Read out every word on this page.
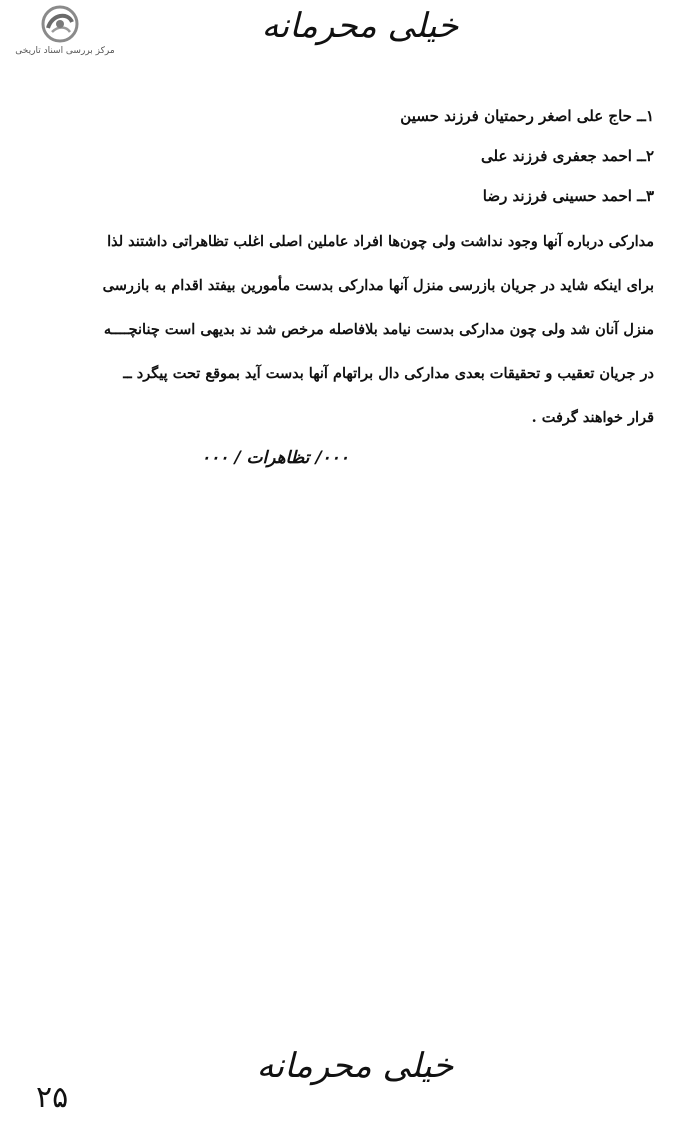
مرکز بررسی اسناد تاریخی
خیلی محرمانه
۱ــ حاج علی اصغر رحمتیان فرزند حسین
۲ــ احمد جعفری فرزند علی
۳ــ احمد حسینی فرزند رضا
مدارکی درباره آنها وجود نداشت ولی چون‌ها افراد عاملین اصلی اغلب تظاهراتی داشتند لذا
برای اینکه شاید در جریان بازرسی منزل آنها مدارکی بدست مأمورین بیفتد اقدام به بازرسی
منزل آنان شد ولی چون مدارکی بدست نیامد بلافاصله مرخص شد ند بدیهی است چنانچــــه
در جریان تعقیب و تحقیقات بعدی مدارکی دال براتهام آنها بدست آید بموقع تحت پیگرد ــ
قرار خواهند گرفت .
۰۰۰/ تظاهرات / ۰۰۰
خیلی محرمانه
۲۵
